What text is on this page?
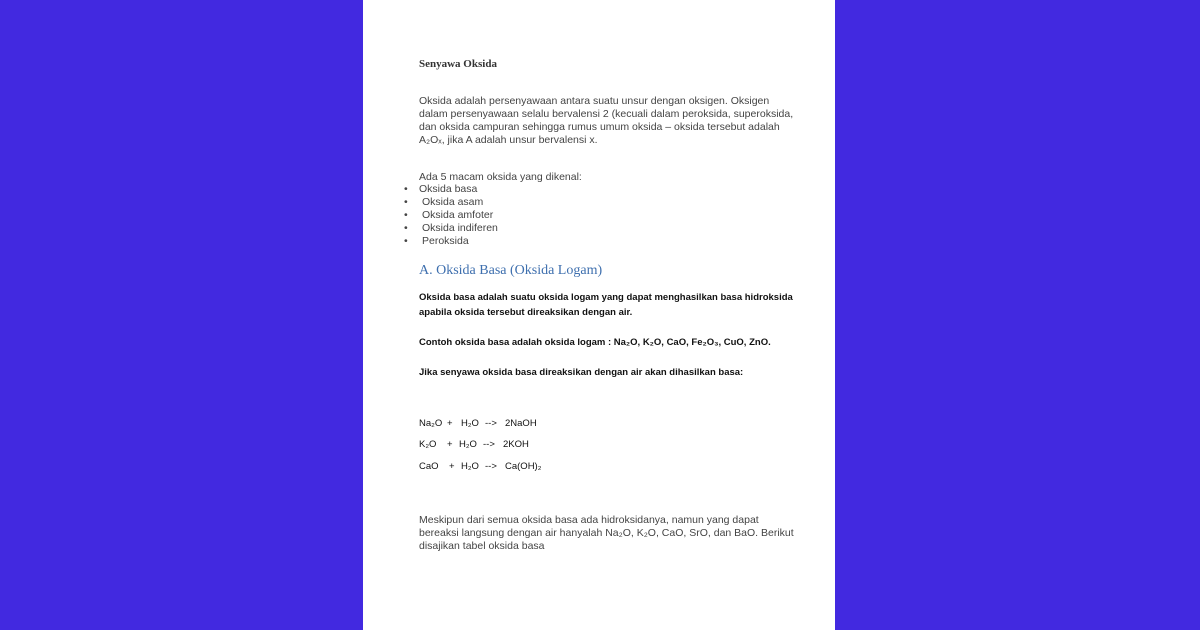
Senyawa Oksida
Oksida adalah persenyawaan antara suatu unsur dengan oksigen. Oksigen dalam persenyawaan selalu bervalensi 2 (kecuali dalam peroksida, superoksida, dan oksida campuran sehingga rumus umum oksida – oksida tersebut adalah A₂Oₓ, jika A adalah unsur bervalensi x.
Ada 5 macam oksida yang dikenal:
• Oksida basa
• Oksida asam
• Oksida amfoter
• Oksida indiferen
• Peroksida
A. Oksida Basa (Oksida Logam)
Oksida basa adalah suatu oksida logam yang dapat menghasilkan basa hidroksida apabila oksida tersebut direaksikan dengan air.
Contoh oksida basa adalah oksida logam : Na₂O, K₂O, CaO, Fe₂O₃, CuO, ZnO.
Jika senyawa oksida basa direaksikan dengan air akan dihasilkan basa:
Na₂O + H₂O --> 2NaOH
K₂O + H₂O --> 2KOH
CaO + H₂O --> Ca(OH)₂
Meskipun dari semua oksida basa ada hidroksidanya, namun yang dapat bereaksi langsung dengan air hanyalah Na₂O, K₂O, CaO, SrO, dan BaO. Berikut disajikan tabel oksida basa
